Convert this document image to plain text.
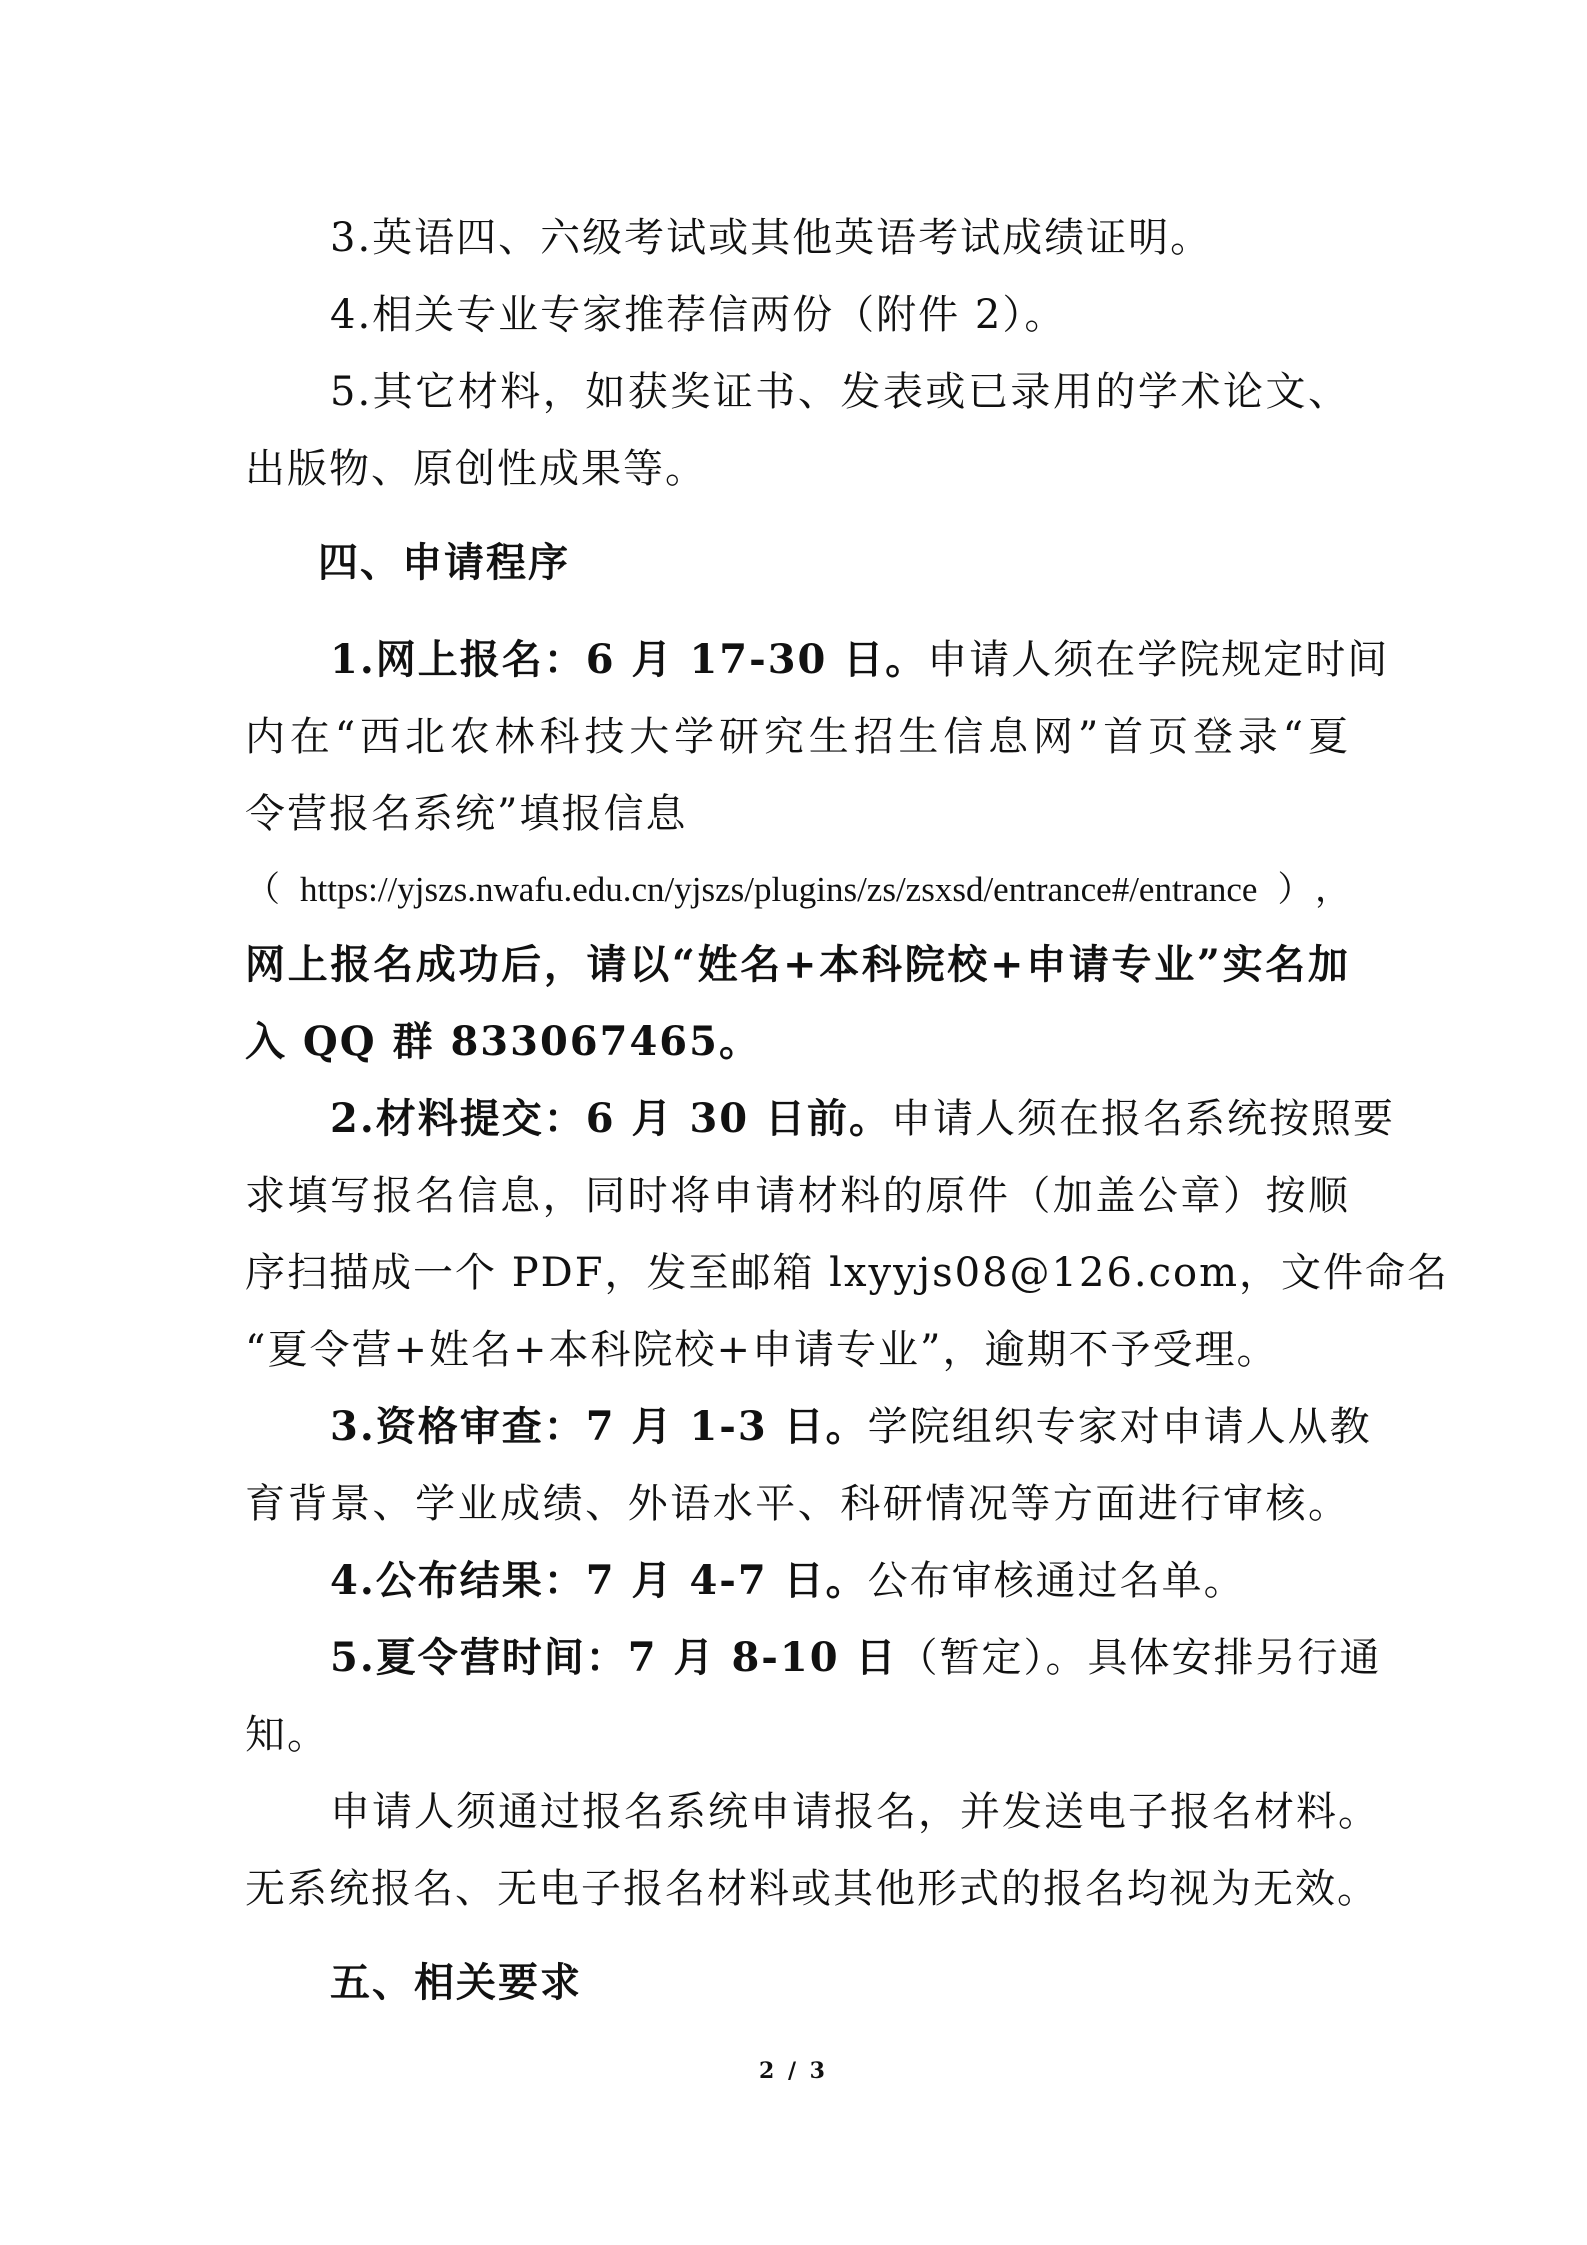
3.英语四、六级考试或其他英语考试成绩证明。
4.相关专业专家推荐信两份（附件 2）。
5.其它材料，如获奖证书、发表或已录用的学术论文、
出版物、原创性成果等。
四、申请程序
1.网上报名：6 月 17-30 日。申请人须在学院规定时间
内在“西北农林科技大学研究生招生信息网”首页登录“夏
令营报名系统”填报信息
（https://yjszs.nwafu.edu.cn/yjszs/plugins/zs/zsxsd/entrance#/entrance），
网上报名成功后，请以“姓名+本科院校+申请专业”实名加
入 QQ 群 833067465。
2.材料提交：6 月 30 日前。申请人须在报名系统按照要
求填写报名信息，同时将申请材料的原件（加盖公章）按顺
序扫描成一个 PDF，发至邮箱 lxyyjs08@126.com，文件命名
“夏令营+姓名+本科院校+申请专业”，逾期不予受理。
3.资格审查：7 月 1-3 日。学院组织专家对申请人从教
育背景、学业成绩、外语水平、科研情况等方面进行审核。
4.公布结果：7 月 4-7 日。公布审核通过名单。
5.夏令营时间：7 月 8-10 日（暂定）。具体安排另行通
知。
申请人须通过报名系统申请报名，并发送电子报名材料。
无系统报名、无电子报名材料或其他形式的报名均视为无效。
五、相关要求
2 / 3
